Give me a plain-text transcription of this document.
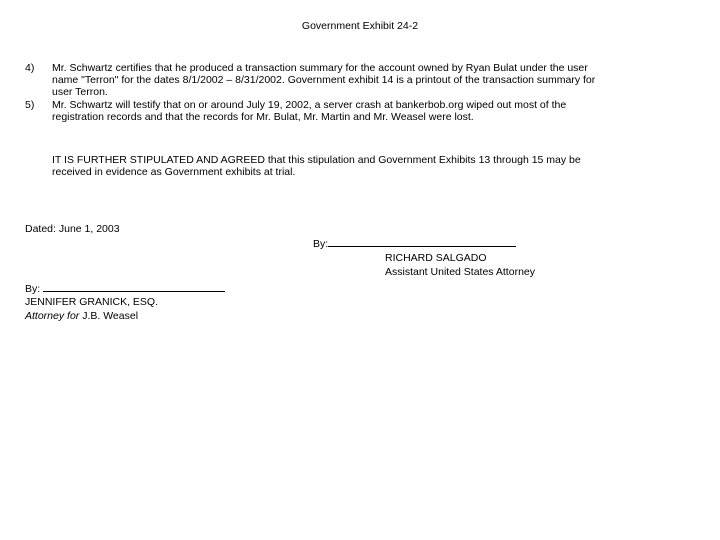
Government Exhibit 24-2
4)	Mr. Schwartz certifies that he produced a transaction summary for the account owned by Ryan Bulat under the user
name "Terron" for the dates 8/1/2002 – 8/31/2002. Government exhibit 14 is a printout of the transaction summary for
user Terron.
5)	Mr. Schwartz will testify that on or around July 19, 2002, a server crash at bankerbob.org wiped out most of the
registration records and that the records for Mr. Bulat, Mr. Martin and Mr. Weasel were lost.
IT IS FURTHER STIPULATED AND AGREED that this stipulation and Government Exhibits 13 through 15 may be
received in evidence as Government exhibits at trial.
Dated: June 1, 2003
By:
RICHARD SALGADO
Assistant United States Attorney
By:
JENNIFER GRANICK, ESQ.
Attorney for J.B. Weasel
